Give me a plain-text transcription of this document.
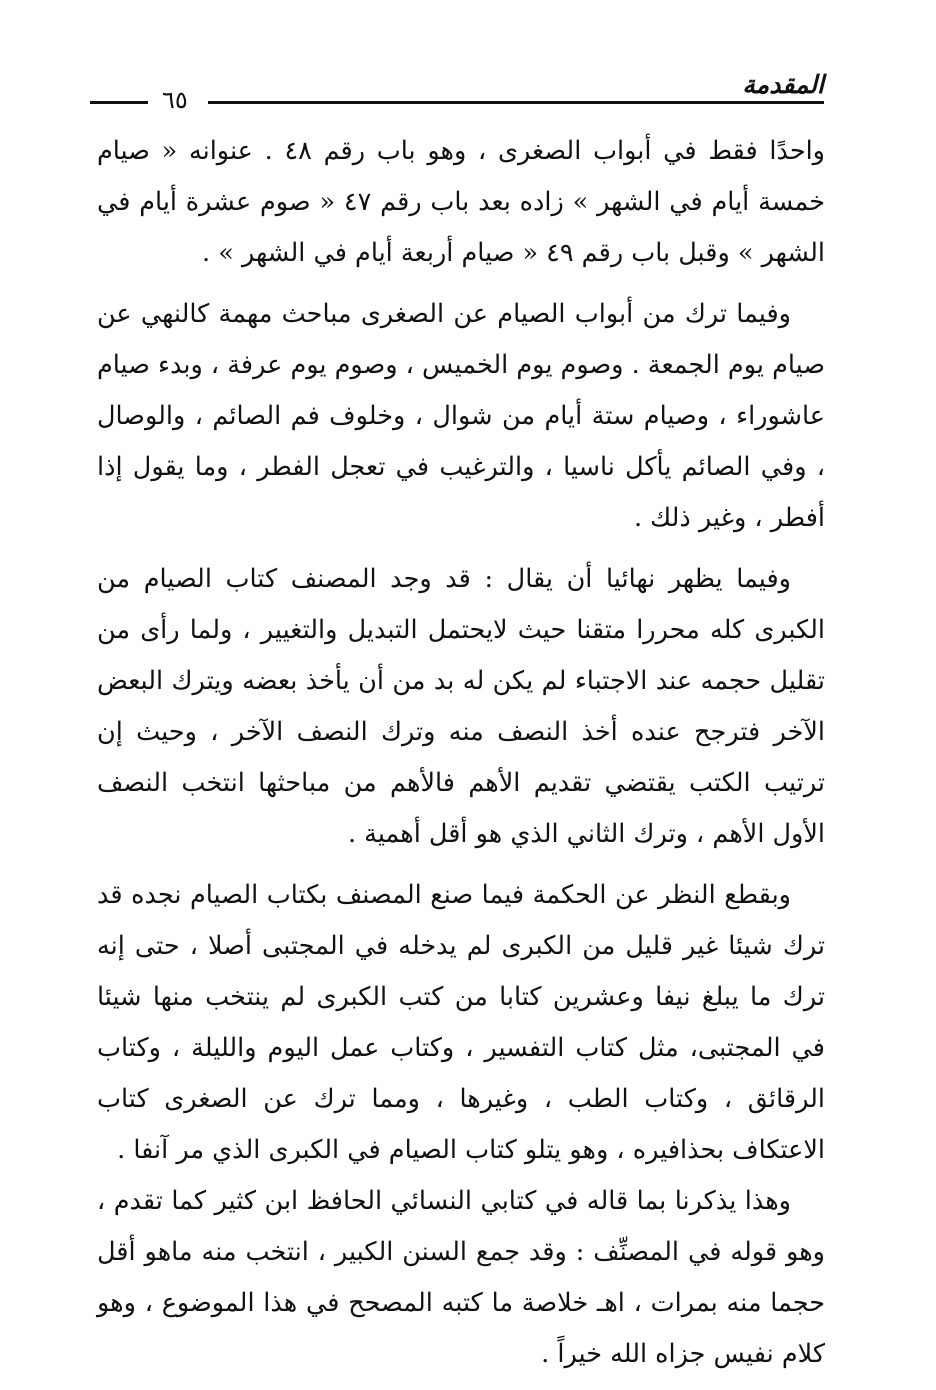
المقدمة
٦٥

واحدًا فقط في أبواب الصغرى ، وهو باب رقم ٤٨ . عنوانه « صيام خمسة أيام في الشهر » زاده بعد باب رقم ٤٧ « صوم عشرة أيام في الشهر » وقبل باب رقم ٤٩ « صيام أربعة أيام في الشهر » .

وفيما ترك من أبواب الصيام عن الصغرى مباحث مهمة كالنهي عن صيام يوم الجمعة . وصوم يوم الخميس ، وصوم يوم عرفة ، وبدء صيام عاشوراء ، وصيام ستة أيام من شوال ، وخلوف فم الصائم ، والوصال ، وفي الصائم يأكل ناسيا ، والترغيب في تعجل الفطر ، وما يقول إذا أفطر ، وغير ذلك .

وفيما يظهر نهائيا أن يقال : قد وجد المصنف كتاب الصيام من الكبرى كله محررا متقنا حيث لايحتمل التبديل والتغيير ، ولما رأى من تقليل حجمه عند الاجتباء لم يكن له بد من أن يأخذ بعضه ويترك البعض الآخر فترجح عنده أخذ النصف منه وترك النصف الآخر ، وحيث إن ترتيب الكتب يقتضي تقديم الأهم فالأهم من مباحثها انتخب النصف الأول الأهم ، وترك الثاني الذي هو أقل أهمية .

وبقطع النظر عن الحكمة فيما صنع المصنف بكتاب الصيام نجده قد ترك شيئا غير قليل من الكبرى لم يدخله في المجتبى أصلا ، حتى إنه ترك ما يبلغ نيفا وعشرين كتابا من كتب الكبرى لم ينتخب منها شيئا في المجتبى، مثل كتاب التفسير ، وكتاب عمل اليوم والليلة ، وكتاب الرقائق ، وكتاب الطب ، وغيرها ، ومما ترك عن الصغرى كتاب الاعتكاف بحذافيره ، وهو يتلو كتاب الصيام في الكبرى الذي مر آنفا .

وهذا يذكرنا بما قاله في كتابي النسائي الحافظ ابن كثير كما تقدم ، وهو قوله في المصنِّف : وقد جمع السنن الكبير ، انتخب منه ماهو أقل حجما منه بمرات ، اهـ خلاصة ما كتبه المصحح في هذا الموضوع ، وهو كلام نفيس جزاه الله خيراً .
